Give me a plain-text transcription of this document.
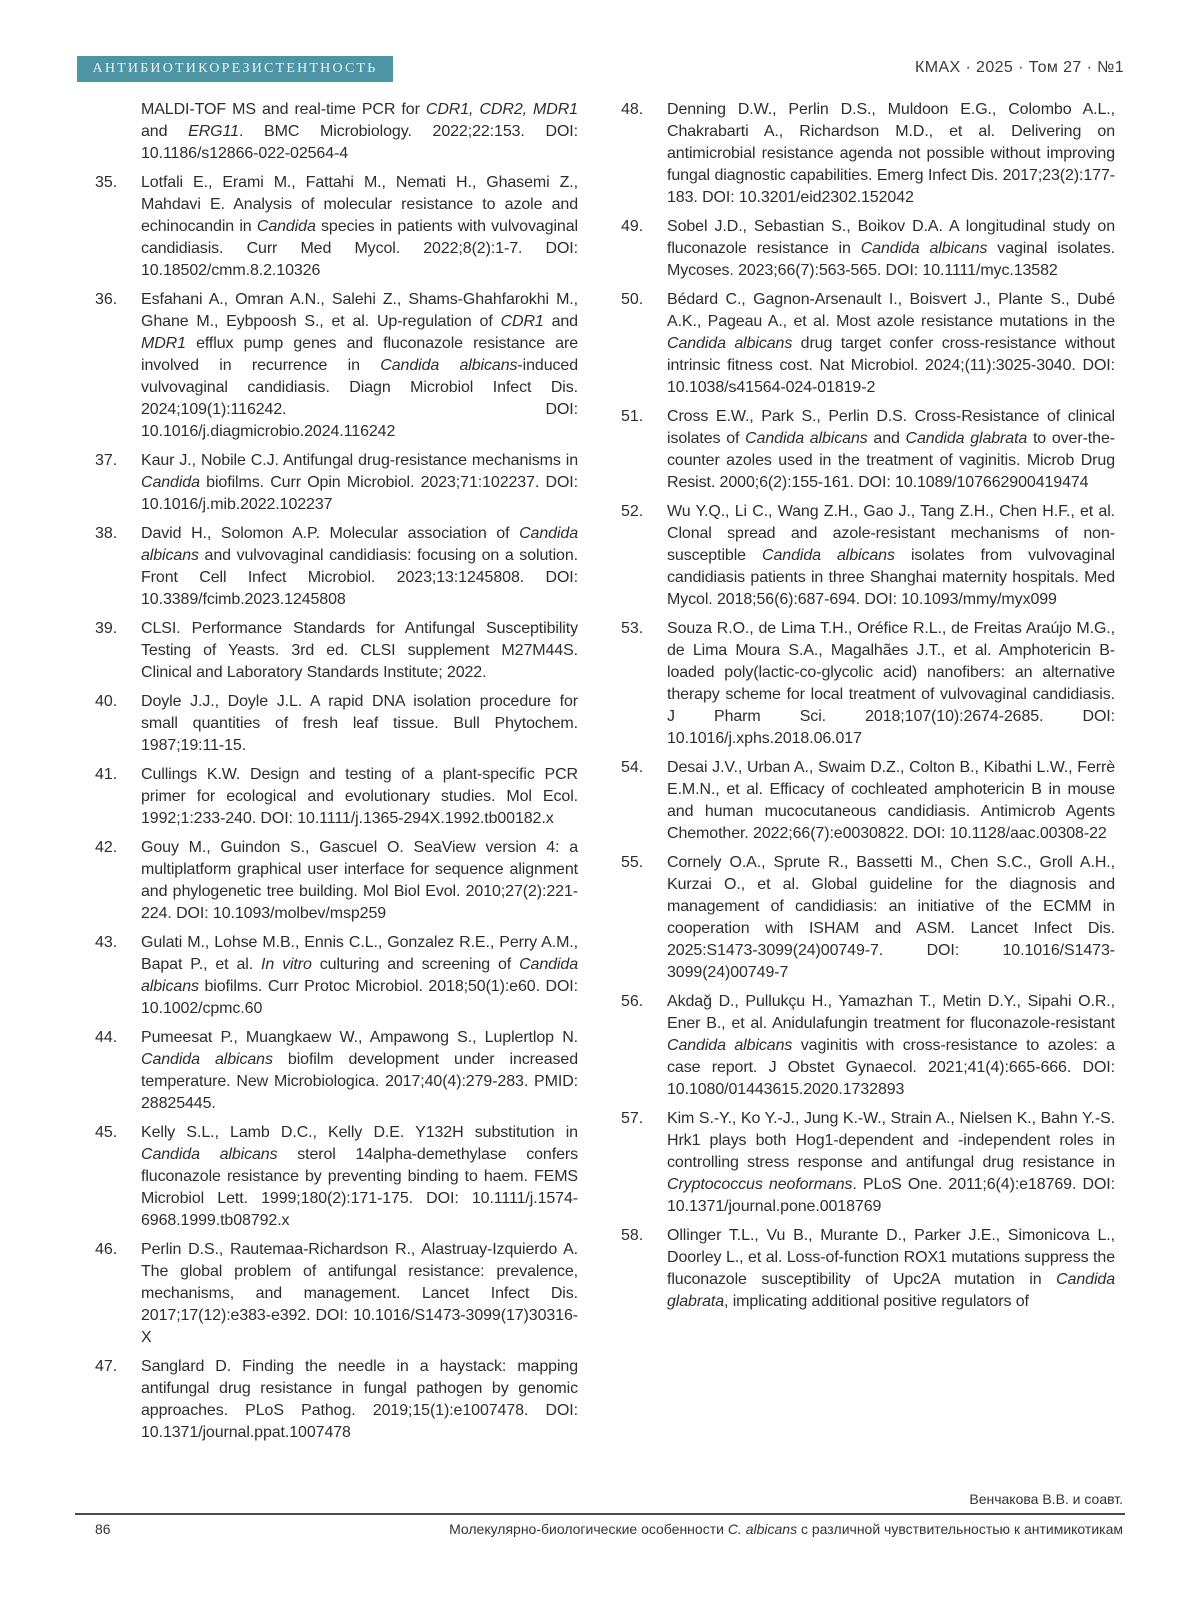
АНТИБИОТИКОРЕЗИСТЕНТНОСТЬ	КМАХ · 2025 · Том 27 · №1
MALDI-TOF MS and real-time PCR for CDR1, CDR2, MDR1 and ERG11. BMC Microbiology. 2022;22:153. DOI: 10.1186/s12866-022-02564-4
35.	Lotfali E., Erami M., Fattahi M., Nemati H., Ghasemi Z., Mahdavi E. Analysis of molecular resistance to azole and echinocandin in Candida species in patients with vulvovaginal candidiasis. Curr Med Mycol. 2022;8(2):1-7. DOI: 10.18502/cmm.8.2.10326
36.	Esfahani A., Omran A.N., Salehi Z., Shams-Ghahfarokhi M., Ghane M., Eybpoosh S., et al. Up-regulation of CDR1 and MDR1 efflux pump genes and fluconazole resistance are involved in recurrence in Candida albicans-induced vulvovaginal candidiasis. Diagn Microbiol Infect Dis. 2024;109(1):116242. DOI: 10.1016/j.diagmicrobio.2024.116242
37.	Kaur J., Nobile C.J. Antifungal drug-resistance mechanisms in Candida biofilms. Curr Opin Microbiol. 2023;71:102237. DOI: 10.1016/j.mib.2022.102237
38.	David H., Solomon A.P. Molecular association of Candida albicans and vulvovaginal candidiasis: focusing on a solution. Front Cell Infect Microbiol. 2023;13:1245808. DOI: 10.3389/fcimb.2023.1245808
39.	CLSI. Performance Standards for Antifungal Susceptibility Testing of Yeasts. 3rd ed. CLSI supplement M27M44S. Clinical and Laboratory Standards Institute; 2022.
40.	Doyle J.J., Doyle J.L. A rapid DNA isolation procedure for small quantities of fresh leaf tissue. Bull Phytochem. 1987;19:11-15.
41.	Cullings K.W. Design and testing of a plant-specific PCR primer for ecological and evolutionary studies. Mol Ecol. 1992;1:233-240. DOI: 10.1111/j.1365-294X.1992.tb00182.x
42.	Gouy M., Guindon S., Gascuel O. SeaView version 4: a multiplatform graphical user interface for sequence alignment and phylogenetic tree building. Mol Biol Evol. 2010;27(2):221-224. DOI: 10.1093/molbev/msp259
43.	Gulati M., Lohse M.B., Ennis C.L., Gonzalez R.E., Perry A.M., Bapat P., et al. In vitro culturing and screening of Candida albicans biofilms. Curr Protoc Microbiol. 2018;50(1):e60. DOI: 10.1002/cpmc.60
44.	Pumeesat P., Muangkaew W., Ampawong S., Luplertlop N. Candida albicans biofilm development under increased temperature. New Microbiologica. 2017;40(4):279-283. PMID: 28825445.
45.	Kelly S.L., Lamb D.C., Kelly D.E. Y132H substitution in Candida albicans sterol 14alpha-demethylase confers fluconazole resistance by preventing binding to haem. FEMS Microbiol Lett. 1999;180(2):171-175. DOI: 10.1111/j.1574-6968.1999.tb08792.x
46.	Perlin D.S., Rautemaa-Richardson R., Alastruay-Izquierdo A. The global problem of antifungal resistance: prevalence, mechanisms, and management. Lancet Infect Dis. 2017;17(12):e383-e392. DOI: 10.1016/S1473-3099(17)30316-X
47.	Sanglard D. Finding the needle in a haystack: mapping antifungal drug resistance in fungal pathogen by genomic approaches. PLoS Pathog. 2019;15(1):e1007478. DOI: 10.1371/journal.ppat.1007478
48.	Denning D.W., Perlin D.S., Muldoon E.G., Colombo A.L., Chakrabarti A., Richardson M.D., et al. Delivering on antimicrobial resistance agenda not possible without improving fungal diagnostic capabilities. Emerg Infect Dis. 2017;23(2):177-183. DOI: 10.3201/eid2302.152042
49.	Sobel J.D., Sebastian S., Boikov D.A. A longitudinal study on fluconazole resistance in Candida albicans vaginal isolates. Mycoses. 2023;66(7):563-565. DOI: 10.1111/myc.13582
50.	Bédard C., Gagnon-Arsenault I., Boisvert J., Plante S., Dubé A.K., Pageau A., et al. Most azole resistance mutations in the Candida albicans drug target confer cross-resistance without intrinsic fitness cost. Nat Microbiol. 2024;(11):3025-3040. DOI: 10.1038/s41564-024-01819-2
51.	Cross E.W., Park S., Perlin D.S. Cross-Resistance of clinical isolates of Candida albicans and Candida glabrata to over-the-counter azoles used in the treatment of vaginitis. Microb Drug Resist. 2000;6(2):155-161. DOI: 10.1089/107662900419474
52.	Wu Y.Q., Li C., Wang Z.H., Gao J., Tang Z.H., Chen H.F., et al. Clonal spread and azole-resistant mechanisms of non-susceptible Candida albicans isolates from vulvovaginal candidiasis patients in three Shanghai maternity hospitals. Med Mycol. 2018;56(6):687-694. DOI: 10.1093/mmy/myx099
53.	Souza R.O., de Lima T.H., Oréfice R.L., de Freitas Araújo M.G., de Lima Moura S.A., Magalhães J.T., et al. Amphotericin B-loaded poly(lactic-co-glycolic acid) nanofibers: an alternative therapy scheme for local treatment of vulvovaginal candidiasis. J Pharm Sci. 2018;107(10):2674-2685. DOI: 10.1016/j.xphs.2018.06.017
54.	Desai J.V., Urban A., Swaim D.Z., Colton B., Kibathi L.W., Ferrè E.M.N., et al. Efficacy of cochleated amphotericin B in mouse and human mucocutaneous candidiasis. Antimicrob Agents Chemother. 2022;66(7):e0030822. DOI: 10.1128/aac.00308-22
55.	Cornely O.A., Sprute R., Bassetti M., Chen S.C., Groll A.H., Kurzai O., et al. Global guideline for the diagnosis and management of candidiasis: an initiative of the ECMM in cooperation with ISHAM and ASM. Lancet Infect Dis. 2025:S1473-3099(24)00749-7. DOI: 10.1016/S1473-3099(24)00749-7
56.	Akdağ D., Pullukçu H., Yamazhan T., Metin D.Y., Sipahi O.R., Ener B., et al. Anidulafungin treatment for fluconazole-resistant Candida albicans vaginitis with cross-resistance to azoles: a case report. J Obstet Gynaecol. 2021;41(4):665-666. DOI: 10.1080/01443615.2020.1732893
57.	Kim S.-Y., Ko Y.-J., Jung K.-W., Strain A., Nielsen K., Bahn Y.-S. Hrk1 plays both Hog1-dependent and -independent roles in controlling stress response and antifungal drug resistance in Cryptococcus neoformans. PLoS One. 2011;6(4):e18769. DOI: 10.1371/journal.pone.0018769
58.	Ollinger T.L., Vu B., Murante D., Parker J.E., Simonicova L., Doorley L., et al. Loss-of-function ROX1 mutations suppress the fluconazole susceptibility of Upc2A mutation in Candida glabrata, implicating additional positive regulators of
Венчакова В.В. и соавт.
86	Молекулярно-биологические особенности C. albicans с различной чувствительностью к антимикотикам
